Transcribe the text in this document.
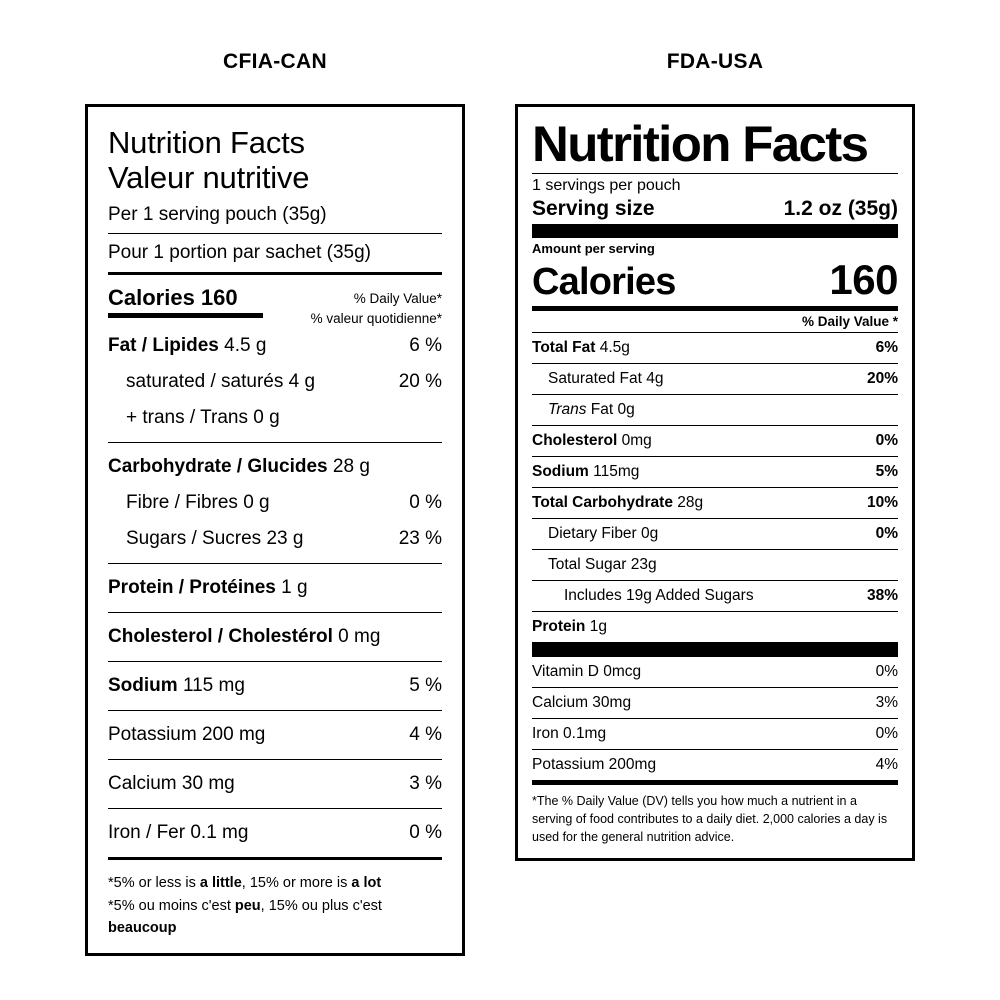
CFIA-CAN
Nutrition Facts
Valeur nutritive
Per 1 serving pouch (35g)
Pour 1 portion par sachet (35g)
Calories 160	% Daily Value*
% valeur quotidienne*
Fat / Lipides 4.5 g	6 %
saturated / saturés 4 g	20 %
+ trans / Trans 0 g
Carbohydrate / Glucides 28 g
Fibre / Fibres 0 g	0 %
Sugars / Sucres 23 g	23 %
Protein / Protéines 1 g
Cholesterol / Cholestérol 0 mg
Sodium 115 mg	5 %
Potassium 200 mg	4 %
Calcium 30 mg	3 %
Iron / Fer 0.1 mg	0 %
*5% or less is a little, 15% or more is a lot
*5% ou moins c'est peu, 15% ou plus c'est beaucoup
FDA-USA
Nutrition Facts
1 servings per pouch
Serving size	1.2 oz (35g)
Amount per serving
Calories	160
% Daily Value *
Total Fat 4.5g	6%
Saturated Fat 4g	20%
Trans Fat 0g
Cholesterol 0mg	0%
Sodium 115mg	5%
Total Carbohydrate 28g	10%
Dietary Fiber 0g	0%
Total Sugar 23g
Includes 19g Added Sugars	38%
Protein 1g
Vitamin D 0mcg	0%
Calcium 30mg	3%
Iron 0.1mg	0%
Potassium 200mg	4%
*The % Daily Value (DV) tells you how much a nutrient in a serving of food contributes to a daily diet. 2,000 calories a day is used for the general nutrition advice.
